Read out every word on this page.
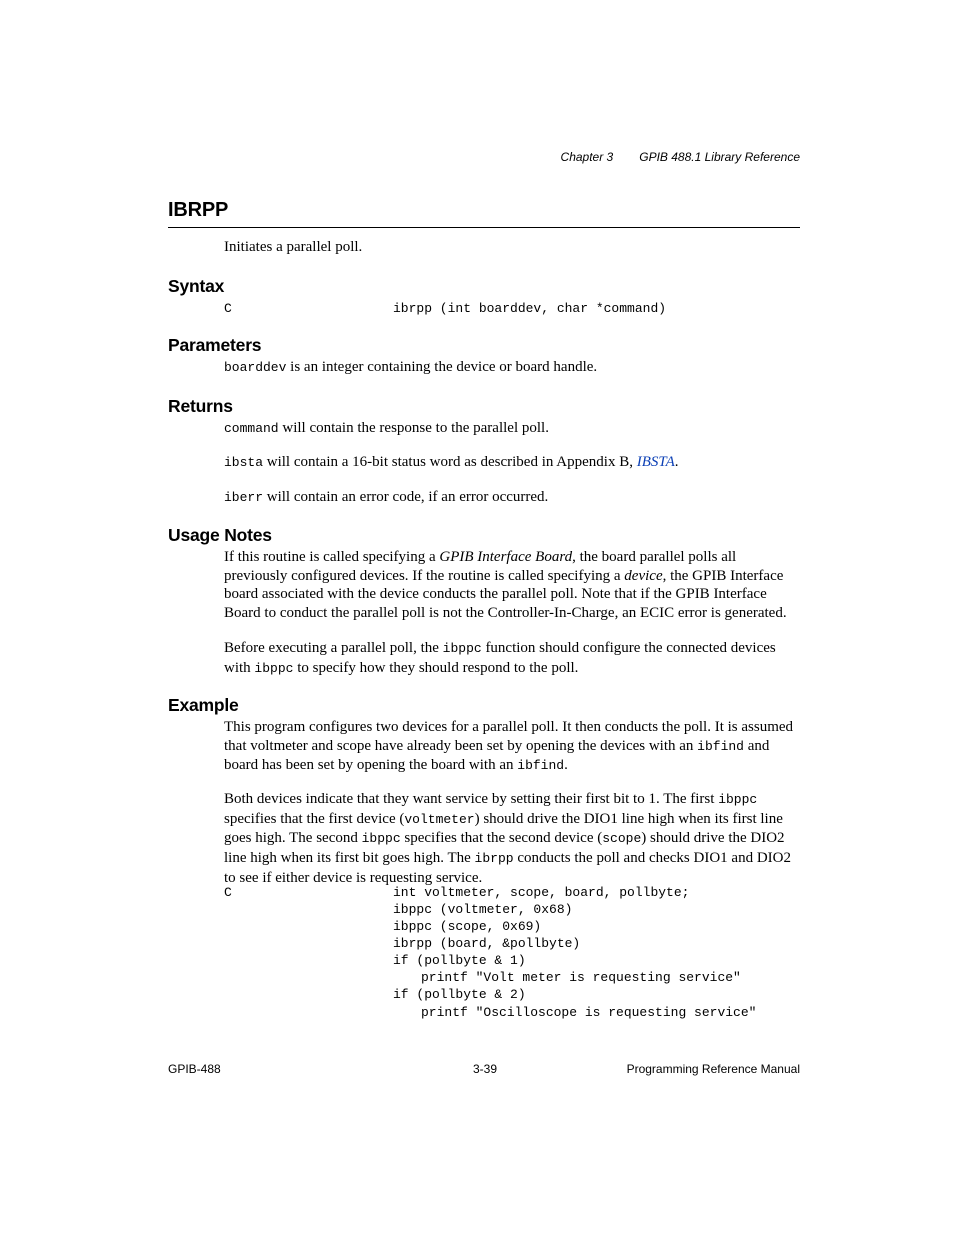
Chapter 3 GPIB 488.1 Library Reference
IBRPP

Initiates a parallel poll.

Syntax
C	ibrpp (int boarddev, char *command)
Parameters

boarddev is an integer containing the device or board handle.

Returns

command will contain the response to the parallel poll.

ibsta will contain a 16-bit status word as described in Appendix B, IBSTA.

iberr will contain an error code, if an error occurred.

Usage Notes

If this routine is called specifying a GPIB Interface Board, the board parallel polls all previously configured devices. If the routine is called specifying a device, the GPIB Interface board associated with the device conducts the parallel poll. Note that if the GPIB Interface Board to conduct the parallel poll is not the Controller-In-Charge, an ECIC error is generated.

Before executing a parallel poll, the ibppc function should configure the connected devices with ibppc to specify how they should respond to the poll.

Example

This program configures two devices for a parallel poll. It then conducts the poll. It is assumed that voltmeter and scope have already been set by opening the devices with an ibfind and board has been set by opening the board with an ibfind.

Both devices indicate that they want service by setting their first bit to 1. The first ibppc specifies that the first device (voltmeter) should drive the DIO1 line high when its first line goes high. The second ibppc specifies that the second device (scope) should drive the DIO2 line high when its first bit goes high. The ibrpp conducts the poll and checks DIO1 and DIO2 to see if either device is requesting service.

C	int voltmeter, scope, board, pollbyte;
ibppc (voltmeter, 0x68)
ibppc (scope, 0x69)
ibrpp (board, &pollbyte)
if (pollbyte & 1)
printf "Volt meter is requesting service"
if (pollbyte & 2)
printf "Oscilloscope is requesting service"
GPIB-488	3-39	Programming Reference Manual
